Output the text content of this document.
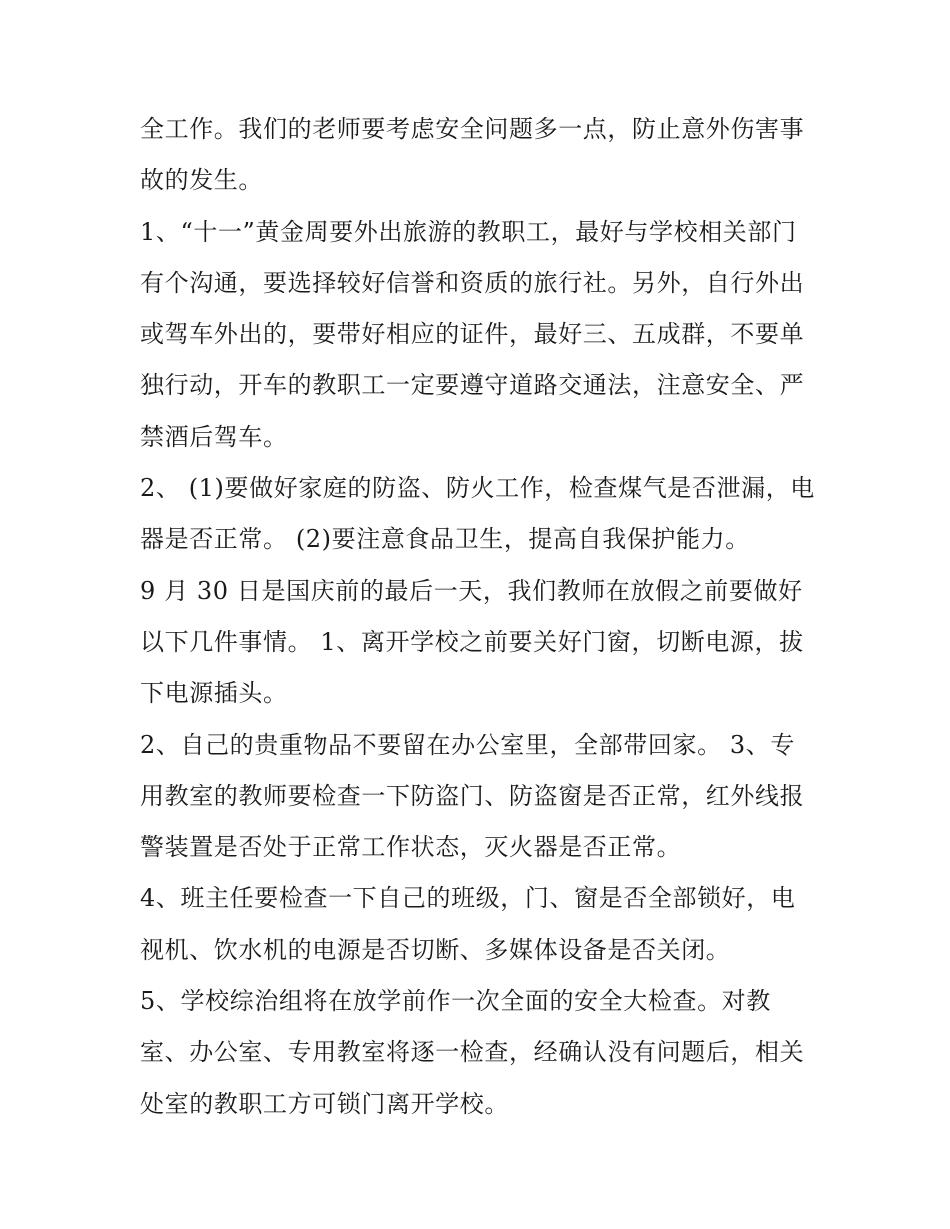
全工作。我们的老师要考虑安全问题多一点，防止意外伤害事
故的发生。
1、“十一”黄金周要外出旅游的教职工，最好与学校相关部门
有个沟通，要选择较好信誉和资质的旅行社。另外，自行外出
或驾车外出的，要带好相应的证件，最好三、五成群，不要单
独行动，开车的教职工一定要遵守道路交通法，注意安全、严
禁酒后驾车。
2、 (1)要做好家庭的防盗、防火工作，检查煤气是否泄漏，电
器是否正常。 (2)要注意食品卫生，提高自我保护能力。
9 月 30 日是国庆前的最后一天，我们教师在放假之前要做好
以下几件事情。 1、离开学校之前要关好门窗，切断电源，拔
下电源插头。
2、自己的贵重物品不要留在办公室里，全部带回家。 3、专
用教室的教师要检查一下防盗门、防盗窗是否正常，红外线报
警装置是否处于正常工作状态，灭火器是否正常。
4、班主任要检查一下自己的班级，门、窗是否全部锁好，电
视机、饮水机的电源是否切断、多媒体设备是否关闭。
5、学校综治组将在放学前作一次全面的安全大检查。对教
室、办公室、专用教室将逐一检查，经确认没有问题后，相关
处室的教职工方可锁门离开学校。
